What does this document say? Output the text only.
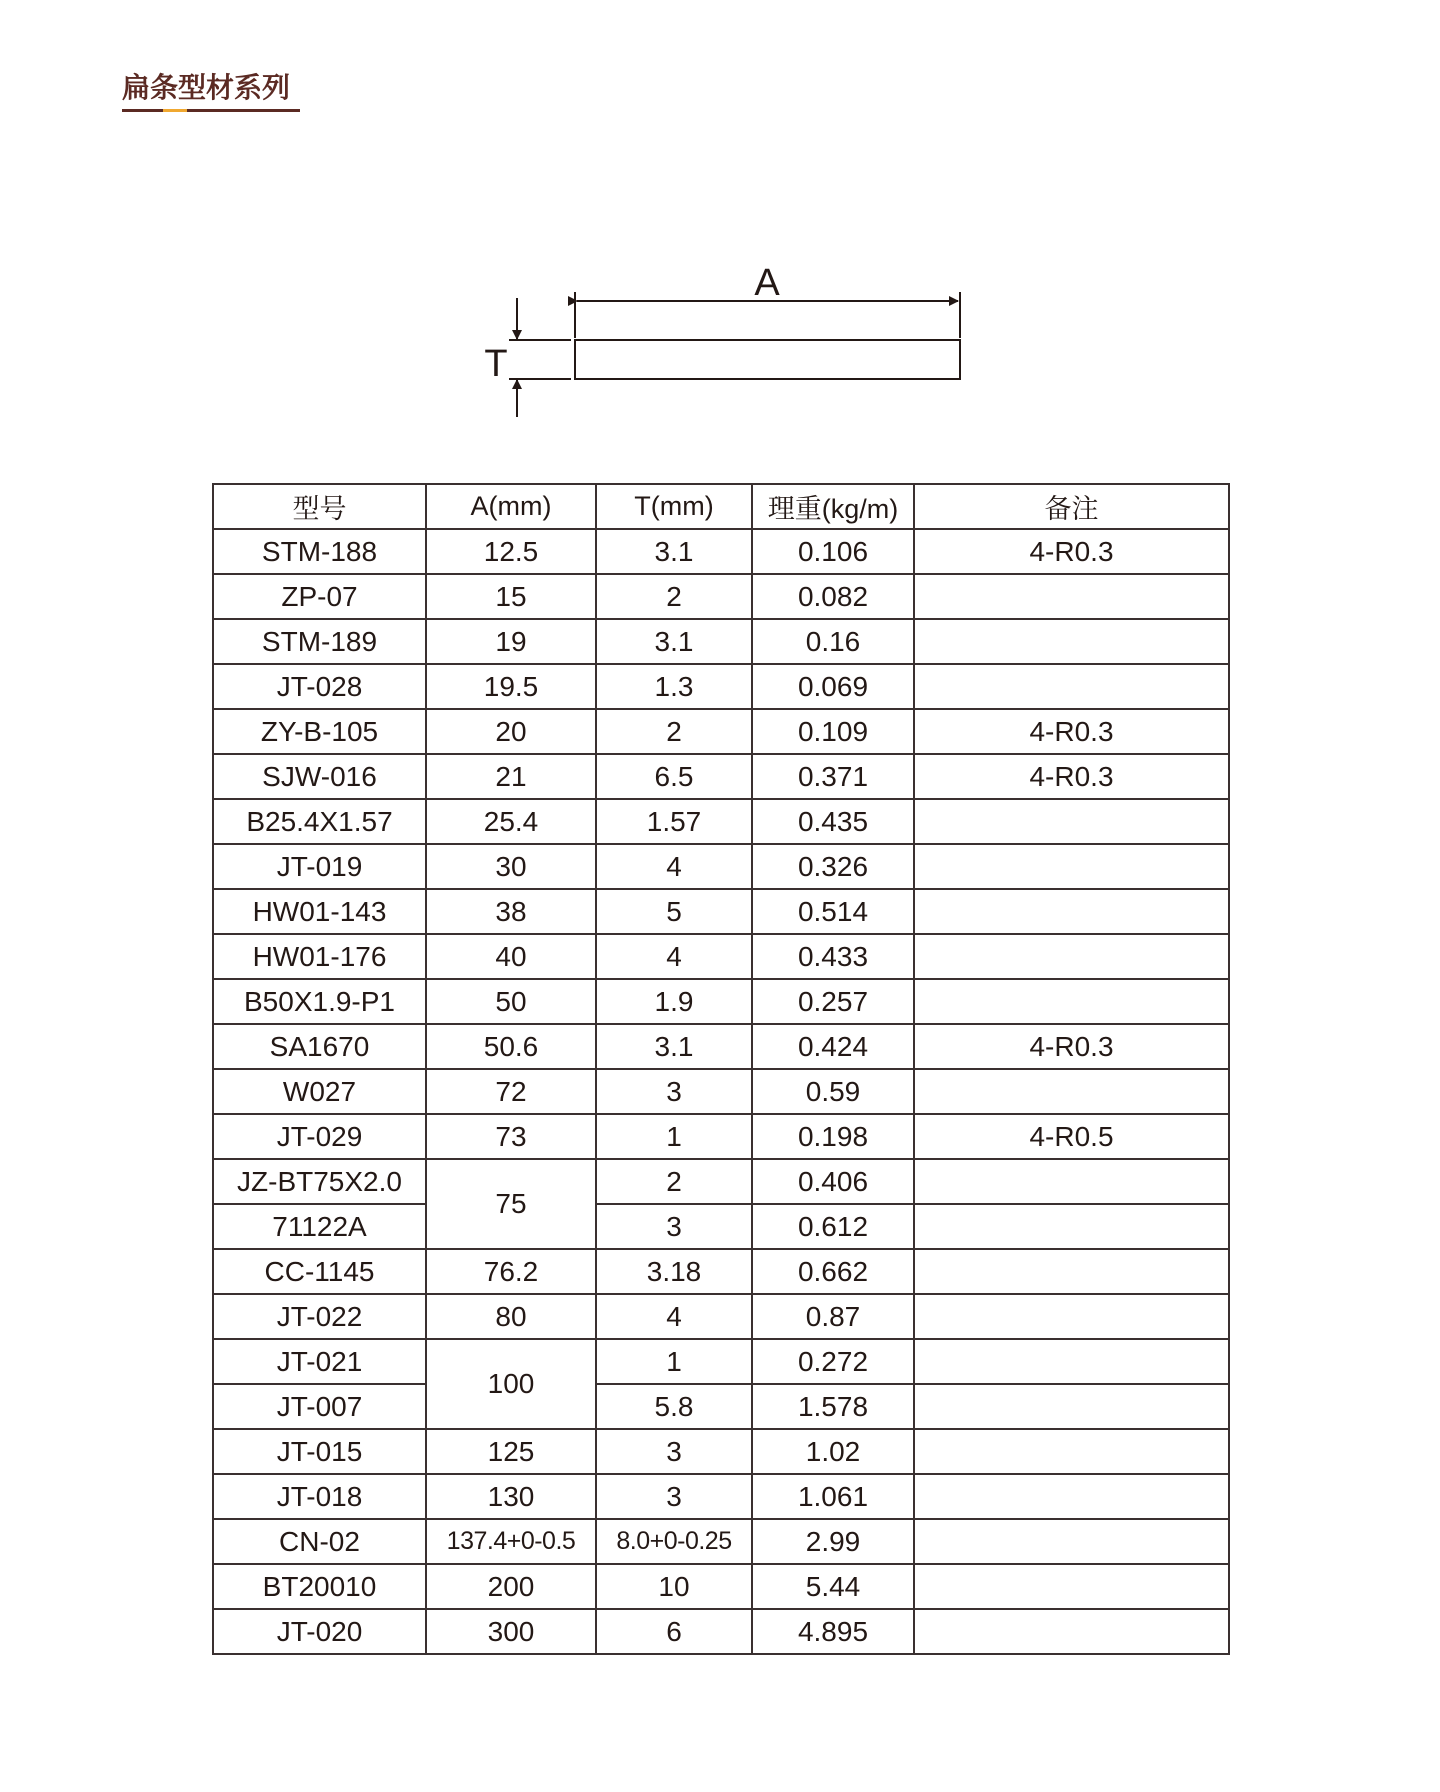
扁条型材系列
A
T
型号	A(mm)	T(mm)	理重(kg/m)	备注
STM-188	12.5	3.1	0.106	4-R0.3
ZP-07	15	2	0.082	
STM-189	19	3.1	0.16	
JT-028	19.5	1.3	0.069	
ZY-B-105	20	2	0.109	4-R0.3
SJW-016	21	6.5	0.371	4-R0.3
B25.4X1.57	25.4	1.57	0.435	
JT-019	30	4	0.326	
HW01-143	38	5	0.514	
HW01-176	40	4	0.433	
B50X1.9-P1	50	1.9	0.257	
SA1670	50.6	3.1	0.424	4-R0.3
W027	72	3	0.59	
JT-029	73	1	0.198	4-R0.5
JZ-BT75X2.0	75	2	0.406	
71122A		3	0.612	
CC-1145	76.2	3.18	0.662	
JT-022	80	4	0.87	
JT-021	100	1	0.272	
JT-007		5.8	1.578	
JT-015	125	3	1.02	
JT-018	130	3	1.061	
CN-02	137.4+0-0.5	8.0+0-0.25	2.99	
BT20010	200	10	5.44	
JT-020	300	6	4.895	
